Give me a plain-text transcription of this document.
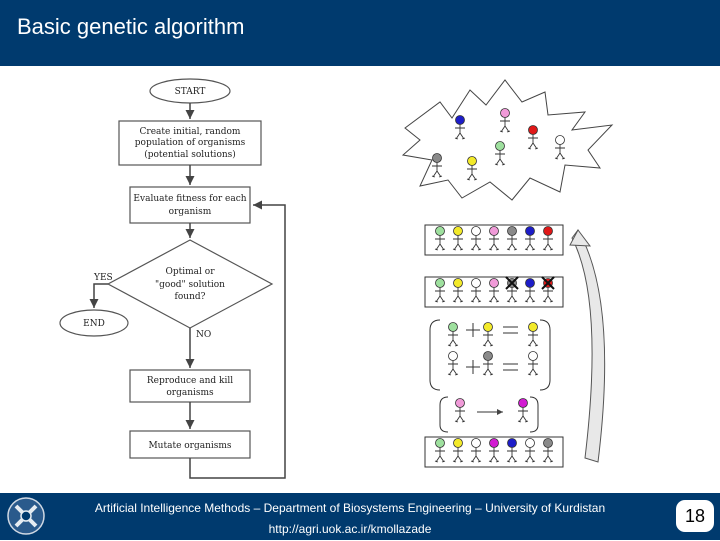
Basic genetic algorithm
START
Create initial, random
population of organisms
(potential solutions)
Evaluate fitness for each
organism
Optimal or
"good" solution
found?
YES
END
NO
Reproduce and kill
organisms
Mutate organisms
Artificial Intelligence Methods – Department of Biosystems Engineering – University of Kurdistan
http://agri.uok.ac.ir/kmollazade
18
